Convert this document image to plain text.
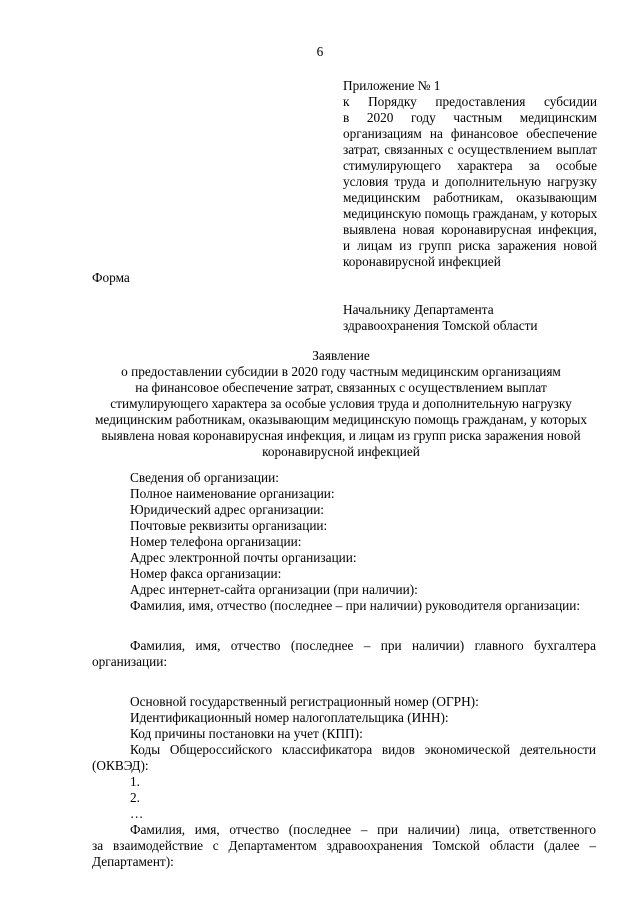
6
Приложение № 1
к Порядку предоставления субсидии
в 2020 году частным медицинским
организациям на финансовое обеспечение
затрат, связанных с осуществлением выплат
стимулирующего характера за особые
условия труда и дополнительную нагрузку
медицинским работникам, оказывающим
медицинскую помощь гражданам, у которых
выявлена новая коронавирусная инфекция,
и лицам из групп риска заражения новой
коронавирусной инфекцией
Форма
Начальнику Департамента
здравоохранения Томской области
Заявление
о предоставлении субсидии в 2020 году частным медицинским организациям
на финансовое обеспечение затрат, связанных с осуществлением выплат
стимулирующего характера за особые условия труда и дополнительную нагрузку
медицинским работникам, оказывающим медицинскую помощь гражданам, у которых
выявлена новая коронавирусная инфекция, и лицам из групп риска заражения новой
коронавирусной инфекцией
Сведения об организации:
Полное наименование организации:
Юридический адрес организации:
Почтовые реквизиты организации:
Номер телефона организации:
Адрес электронной почты организации:
Номер факса организации:
Адрес интернет-сайта организации (при наличии):
Фамилия, имя, отчество (последнее – при наличии) руководителя организации:
Фамилия, имя, отчество (последнее – при наличии) главного бухгалтера
организации:
Основной государственный регистрационный номер (ОГРН):
Идентификационный номер налогоплательщика (ИНН):
Код причины постановки на учет (КПП):
Коды Общероссийского классификатора видов экономической деятельности
(ОКВЭД):
1.
2.
…
Фамилия, имя, отчество (последнее – при наличии) лица, ответственного
за взаимодействие с Департаментом здравоохранения Томской области (далее –
Департамент):
